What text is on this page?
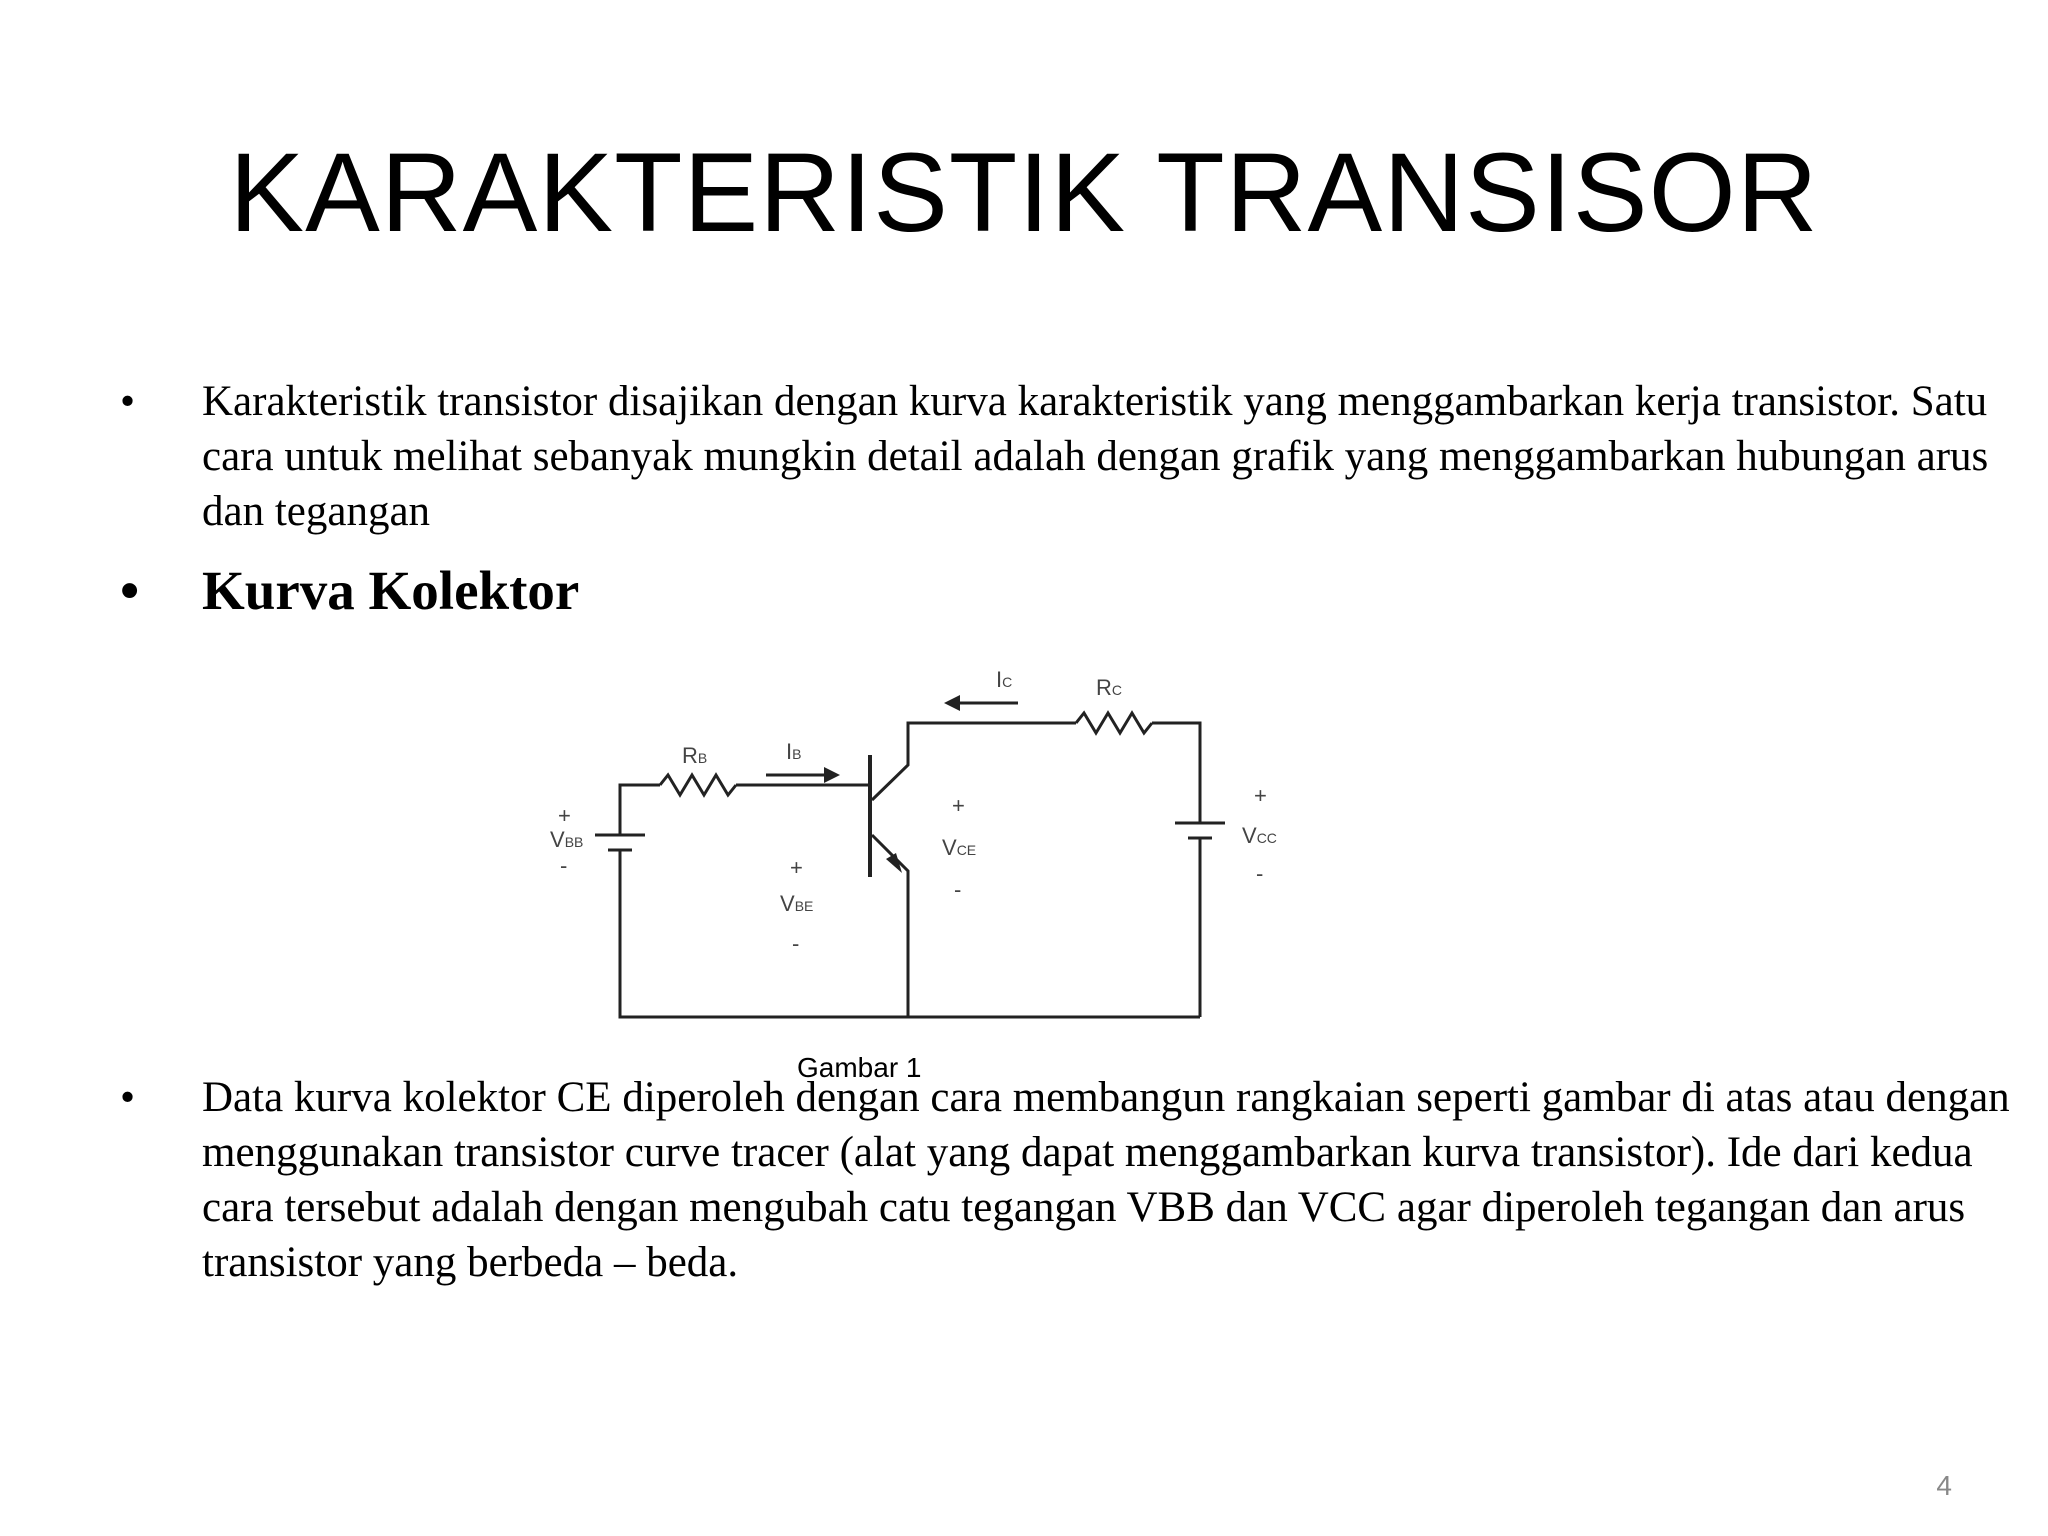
KARAKTERISTIK TRANSISOR
• Karakteristik transistor disajikan dengan kurva karakteristik yang menggambarkan kerja transistor. Satu cara untuk melihat sebanyak mungkin detail adalah dengan grafik yang menggambarkan hubungan arus dan tegangan
• Kurva Kolektor
IC	RC
RB	IB
+
VBB
-	+
VBE
-
+
VCE
-
+
VCC
-
Gambar 1
• Data kurva kolektor CE diperoleh dengan cara membangun rangkaian seperti gambar di atas atau dengan menggunakan transistor curve tracer (alat yang dapat menggambarkan kurva transistor). Ide dari kedua cara tersebut adalah dengan mengubah catu tegangan VBB dan VCC agar diperoleh tegangan dan arus transistor yang berbeda – beda.
4
